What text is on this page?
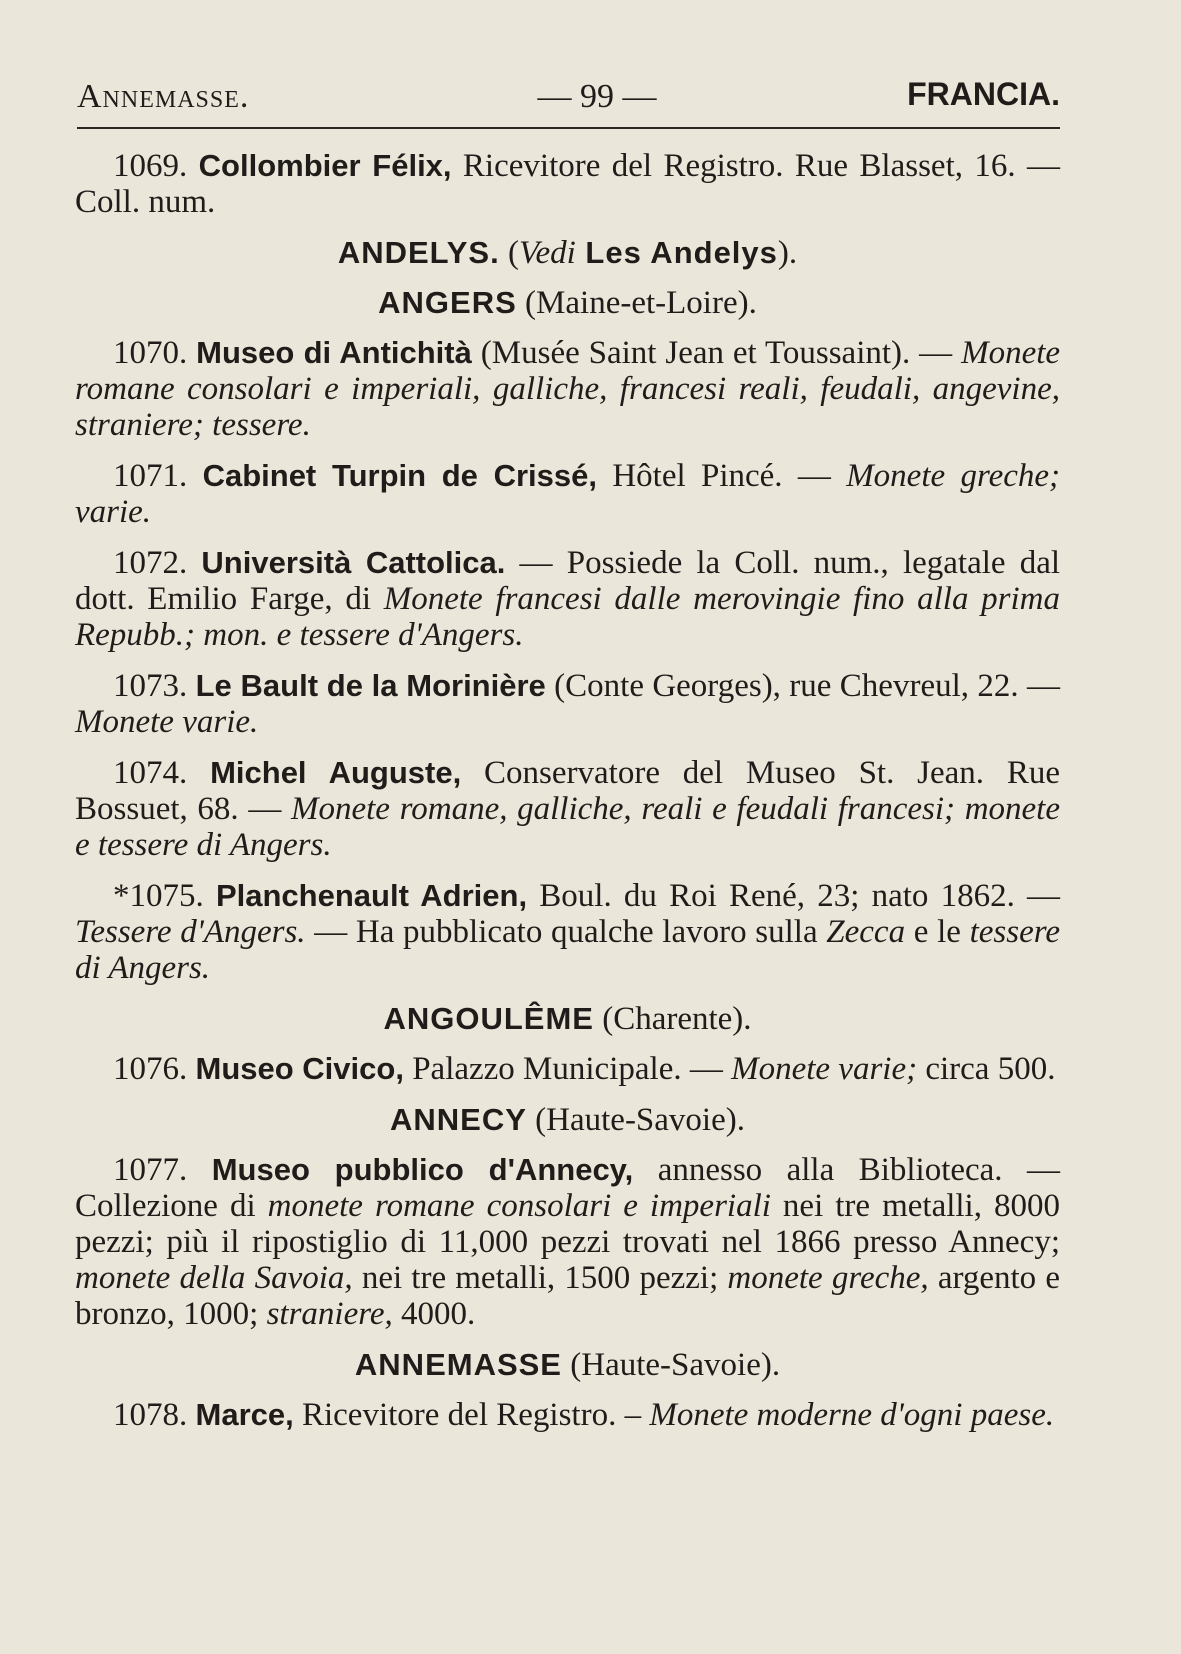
Annemasse.	— 99 —	FRANCIA.
1069. Collombier Félix, Ricevitore del Registro. Rue Blasset, 16. — Coll. num.
ANDELYS. (Vedi Les Andelys).
ANGERS (Maine-et-Loire).
1070. Museo di Antichità (Musée Saint Jean et Toussaint). — Monete romane consolari e imperiali, galliche, francesi reali, feudali, angevine, straniere; tessere.
1071. Cabinet Turpin de Crissé, Hôtel Pincé. — Monete greche; varie.
1072. Università Cattolica. — Possiede la Coll. num., legatale dal dott. Emilio Farge, di Monete francesi dalle merovingie fino alla prima Repubb.; mon. e tessere d'Angers.
1073. Le Bault de la Morinière (Conte Georges), rue Chevreul, 22. — Monete varie.
1074. Michel Auguste, Conservatore del Museo St. Jean. Rue Bossuet, 68. — Monete romane, galliche, reali e feudali francesi; monete e tessere di Angers.
*1075. Planchenault Adrien, Boul. du Roi René, 23; nato 1862. — Tessere d'Angers. — Ha pubblicato qualche lavoro sulla Zecca e le tessere di Angers.
ANGOULÊME (Charente).
1076. Museo Civico, Palazzo Municipale. — Monete varie; circa 500.
ANNECY (Haute-Savoie).
1077. Museo pubblico d'Annecy, annesso alla Biblioteca. — Collezione di monete romane consolari e imperiali nei tre metalli, 8000 pezzi; più il ripostiglio di 11,000 pezzi trovati nel 1866 presso Annecy; monete della Savoia, nei tre metalli, 1500 pezzi; monete greche, argento e bronzo, 1000; straniere, 4000.
ANNEMASSE (Haute-Savoie).
1078. Marce, Ricevitore del Registro. – Monete moderne d'ogni paese.
